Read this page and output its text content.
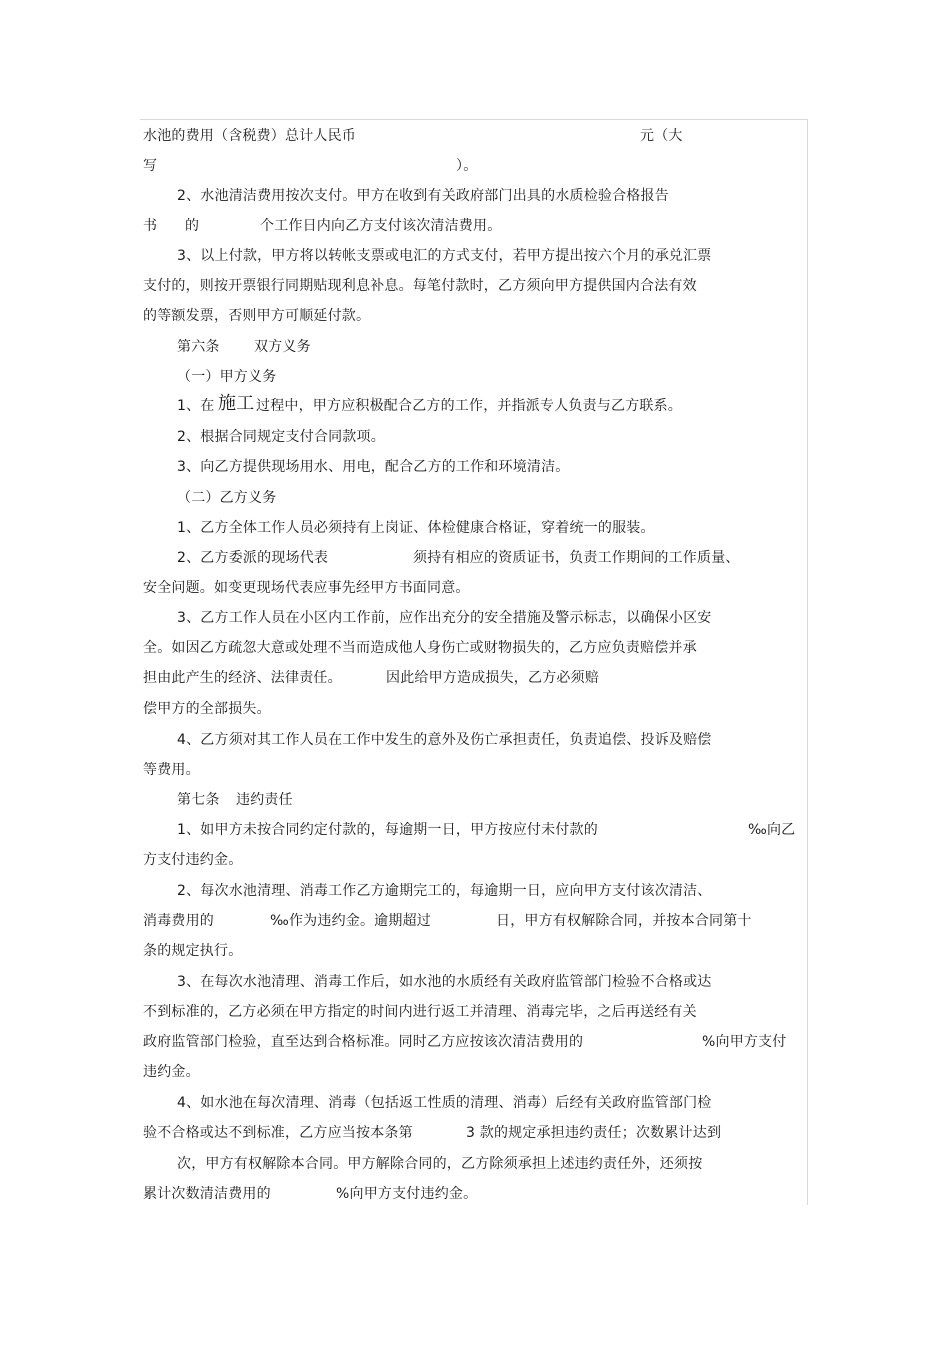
水池的费用（含税费）总计人民币	元（大
写	）。
2、水池清洁费用按次支付。甲方在收到有关政府部门出具的水质检验合格报告
书 的	个工作日内向乙方支付该次清洁费用。
3、以上付款，甲方将以转帐支票或电汇的方式支付，若甲方提出按六个月的承兑汇票
支付的，则按开票银行同期贴现利息补息。每笔付款时，乙方须向甲方提供国内合法有效
的等额发票，否则甲方可顺延付款。
第六条 双方义务
（一）甲方义务
1、在 施工 过程中，甲方应积极配合乙方的工作，并指派专人负责与乙方联系。
2、根据合同规定支付合同款项。
3、向乙方提供现场用水、用电，配合乙方的工作和环境清洁。
（二）乙方义务
1、乙方全体工作人员必须持有上岗证、体检健康合格证，穿着统一的服装。
2、乙方委派的现场代表	须持有相应的资质证书，负责工作期间的工作质量、
安全问题。如变更现场代表应事先经甲方书面同意。
3、乙方工作人员在小区内工作前，应作出充分的安全措施及警示标志，以确保小区安
全。如因乙方疏忽大意或处理不当而造成他人身伤亡或财物损失的，乙方应负责赔偿并承
担由此产生的经济、法律责任。	因此给甲方造成损失，乙方必须赔
偿甲方的全部损失。
4、乙方须对其工作人员在工作中发生的意外及伤亡承担责任，负责追偿、投诉及赔偿
等费用。
第七条 违约责任
1、如甲方未按合同约定付款的，每逾期一日，甲方按应付未付款的	‰向乙
方支付违约金。
2、每次水池清理、消毒工作乙方逾期完工的，每逾期一日，应向甲方支付该次清洁、
消毒费用的	‰作为违约金。逾期超过	日，甲方有权解除合同，并按本合同第十
条的规定执行。
3、在每次水池清理、消毒工作后，如水池的水质经有关政府监管部门检验不合格或达
不到标准的，乙方必须在甲方指定的时间内进行返工并清理、消毒完毕，之后再送经有关
政府监管部门检验，直至达到合格标准。同时乙方应按该次清洁费用的	%向甲方支付
违约金。
4、如水池在每次清理、消毒（包括返工性质的清理、消毒）后经有关政府监管部门检
验不合格或达不到标准，乙方应当按本条第	3 款的规定承担违约责任；次数累计达到
次，甲方有权解除本合同。甲方解除合同的，乙方除须承担上述违约责任外，还须按
累计次数清洁费用的	%向甲方支付违约金。
